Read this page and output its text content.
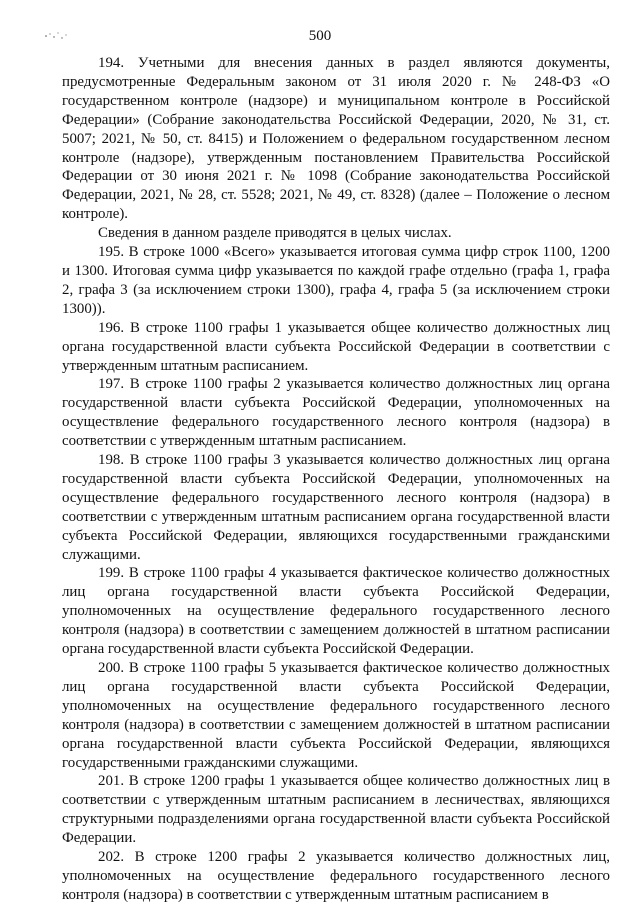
500

194. Учетными для внесения данных в раздел являются документы, предусмотренные Федеральным законом от 31 июля 2020 г. № 248-ФЗ «О государственном контроле (надзоре) и муниципальном контроле в Российской Федерации» (Собрание законодательства Российской Федерации, 2020, № 31, ст. 5007; 2021, № 50, ст. 8415) и Положением о федеральном государственном лесном контроле (надзоре), утвержденным постановлением Правительства Российской Федерации от 30 июня 2021 г. № 1098 (Собрание законодательства Российской Федерации, 2021, № 28, ст. 5528; 2021, № 49, ст. 8328) (далее – Положение о лесном контроле).

Сведения в данном разделе приводятся в целых числах.

195. В строке 1000 «Всего» указывается итоговая сумма цифр строк 1100, 1200 и 1300. Итоговая сумма цифр указывается по каждой графе отдельно (графа 1, графа 2, графа 3 (за исключением строки 1300), графа 4, графа 5 (за исключением строки 1300)).

196. В строке 1100 графы 1 указывается общее количество должностных лиц органа государственной власти субъекта Российской Федерации в соответствии с утвержденным штатным расписанием.

197. В строке 1100 графы 2 указывается количество должностных лиц органа государственной власти субъекта Российской Федерации, уполномоченных на осуществление федерального государственного лесного контроля (надзора) в соответствии с утвержденным штатным расписанием.

198. В строке 1100 графы 3 указывается количество должностных лиц органа государственной власти субъекта Российской Федерации, уполномоченных на осуществление федерального государственного лесного контроля (надзора) в соответствии с утвержденным штатным расписанием органа государственной власти субъекта Российской Федерации, являющихся государственными гражданскими служащими.

199. В строке 1100 графы 4 указывается фактическое количество должностных лиц органа государственной власти субъекта Российской Федерации, уполномоченных на осуществление федерального государственного лесного контроля (надзора) в соответствии с замещением должностей в штатном расписании органа государственной власти субъекта Российской Федерации.

200. В строке 1100 графы 5 указывается фактическое количество должностных лиц органа государственной власти субъекта Российской Федерации, уполномоченных на осуществление федерального государственного лесного контроля (надзора) в соответствии с замещением должностей в штатном расписании органа государственной власти субъекта Российской Федерации, являющихся государственными гражданскими служащими.

201. В строке 1200 графы 1 указывается общее количество должностных лиц в соответствии с утвержденным штатным расписанием в лесничествах, являющихся структурными подразделениями органа государственной власти субъекта Российской Федерации.

202. В строке 1200 графы 2 указывается количество должностных лиц, уполномоченных на осуществление федерального государственного лесного контроля (надзора) в соответствии с утвержденным штатным расписанием в
